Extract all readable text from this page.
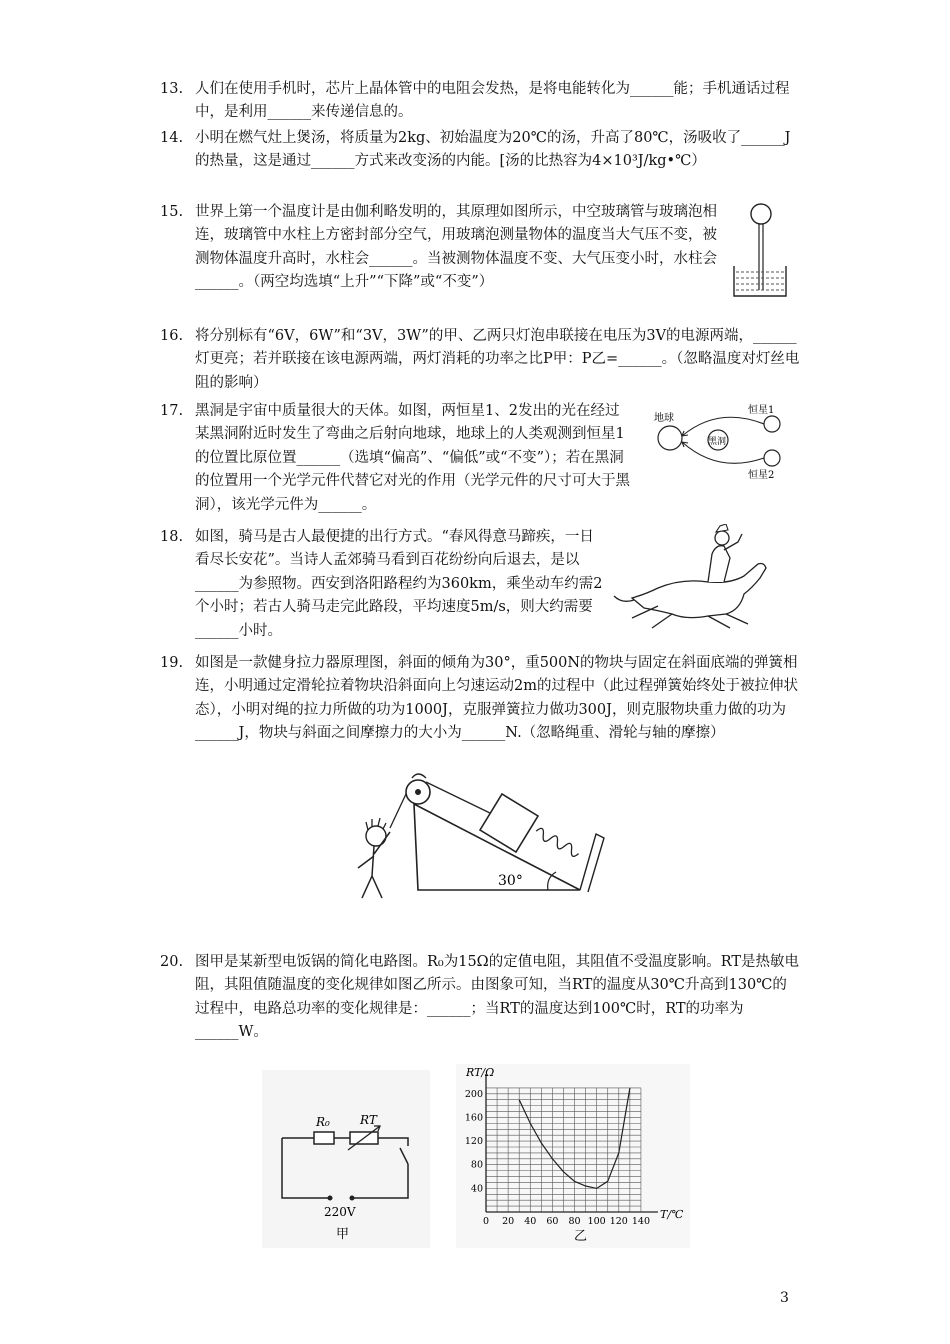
13. 人们在使用手机时，芯片上晶体管中的电阻会发热，是将电能转化为______能；手机通话过程中，是利用______来传递信息的。
14. 小明在燃气灶上煲汤，将质量为2kg、初始温度为20℃的汤，升高了80℃，汤吸收了______J的热量，这是通过______方式来改变汤的内能。[汤的比热容为4×10³J/kg•℃）
15. 世界上第一个温度计是由伽利略发明的，其原理如图所示，中空玻璃管与玻璃泡相连，玻璃管中水柱上方密封部分空气，用玻璃泡测量物体的温度当大气压不变，被测物体温度升高时，水柱会______。当被测物体温度不变、大气压变小时，水柱会______。（两空均选填“上升”“下降”或“不变”）
16. 将分别标有“6V，6W”和“3V，3W”的甲、乙两只灯泡串联接在电压为3V的电源两端，______灯更亮；若并联接在该电源两端，两灯消耗的功率之比P甲：P乙=______。（忽略温度对灯丝电阻的影响）
17. 黑洞是宇宙中质量很大的天体。如图，两恒星1、2发出的光在经过某黑洞附近时发生了弯曲之后射向地球，地球上的人类观测到恒星1的位置比原位置______（选填“偏高”、“偏低”或“不变”）；若在黑洞的位置用一个光学元件代替它对光的作用（光学元件的尺寸可大于黑洞），该光学元件为______。
18. 如图，骑马是古人最便捷的出行方式。“春风得意马蹄疾，一日看尽长安花”。当诗人孟郊骑马看到百花纷纷向后退去，是以______为参照物。西安到洛阳路程约为360km，乘坐动车约需2个小时；若古人骑马走完此路段，平均速度5m/s，则大约需要______小时。
19. 如图是一款健身拉力器原理图，斜面的倾角为30°，重500N的物块与固定在斜面底端的弹簧相连，小明通过定滑轮拉着物块沿斜面向上匀速运动2m的过程中（此过程弹簧始终处于被拉伸状态），小明对绳的拉力所做的功为1000J，克服弹簧拉力做功300J，则克服物块重力做的功为______J，物块与斜面之间摩擦力的大小为______N.（忽略绳重、滑轮与轴的摩擦）
20. 图甲是某新型电饭锅的简化电路图。R₀为15Ω的定值电阻，其阻值不受温度影响。RT是热敏电阻，其阻值随温度的变化规律如图乙所示。由图象可知，当RT的温度从30℃升高到130℃的过程中，电路总功率的变化规律是：______；当RT的温度达到100℃时，RT的功率为______W。
地球
黑洞
恒星1
恒星2
30°
R₀	RT
220V
甲
0 20 40 60 80 100 120 140
40
80
120
160
200
RT/Ω
T/℃
乙
3
